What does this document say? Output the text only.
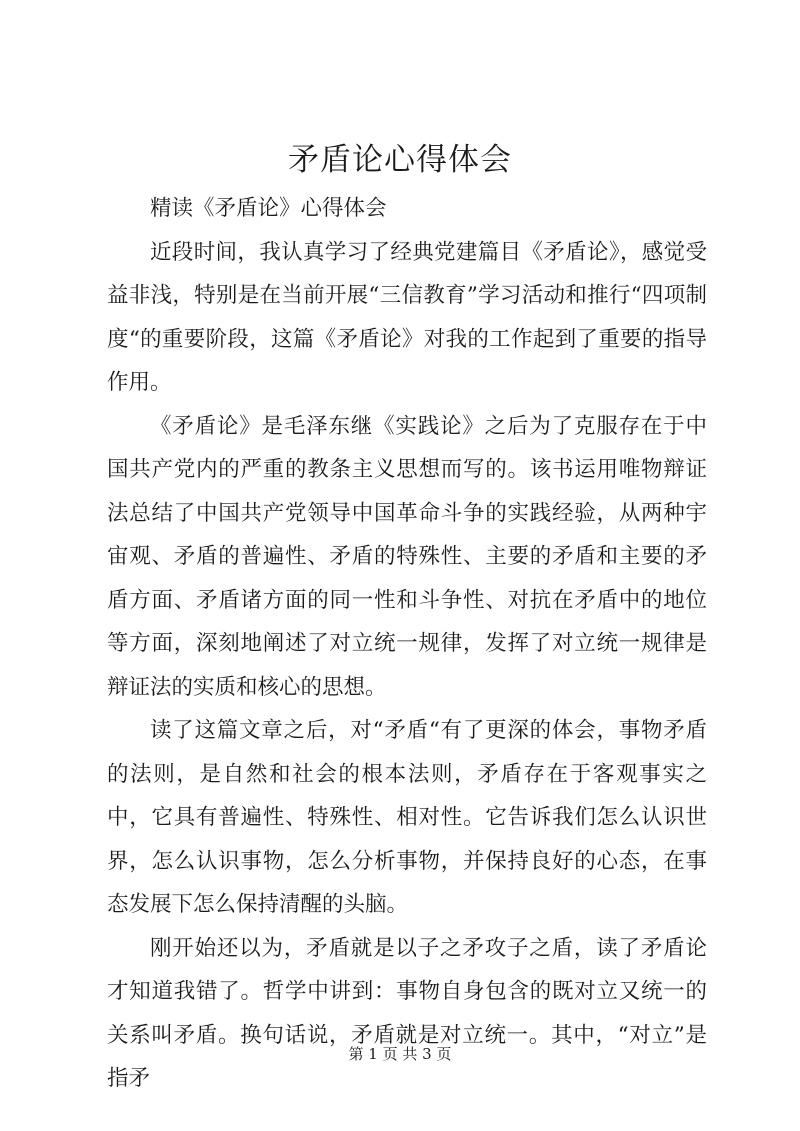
矛盾论心得体会

精读《矛盾论》心得体会

近段时间，我认真学习了经典党建篇目《矛盾论》，感觉受益非浅，特别是在当前开展“三信教育”学习活动和推行“四项制度“的重要阶段，这篇《矛盾论》对我的工作起到了重要的指导作用。

《矛盾论》是毛泽东继《实践论》之后为了克服存在于中国共产党内的严重的教条主义思想而写的。该书运用唯物辩证法总结了中国共产党领导中国革命斗争的实践经验，从两种宇宙观、矛盾的普遍性、矛盾的特殊性、主要的矛盾和主要的矛盾方面、矛盾诸方面的同一性和斗争性、对抗在矛盾中的地位等方面，深刻地阐述了对立统一规律，发挥了对立统一规律是辩证法的实质和核心的思想。

读了这篇文章之后，对“矛盾“有了更深的体会，事物矛盾的法则，是自然和社会的根本法则，矛盾存在于客观事实之中，它具有普遍性、特殊性、相对性。它告诉我们怎么认识世界，怎么认识事物，怎么分析事物，并保持良好的心态，在事态发展下怎么保持清醒的头脑。

刚开始还以为，矛盾就是以子之矛攻子之盾，读了矛盾论才知道我错了。哲学中讲到：事物自身包含的既对立又统一的关系叫矛盾。换句话说，矛盾就是对立统一。其中，“对立”是指矛

第 1 页 共 3 页
